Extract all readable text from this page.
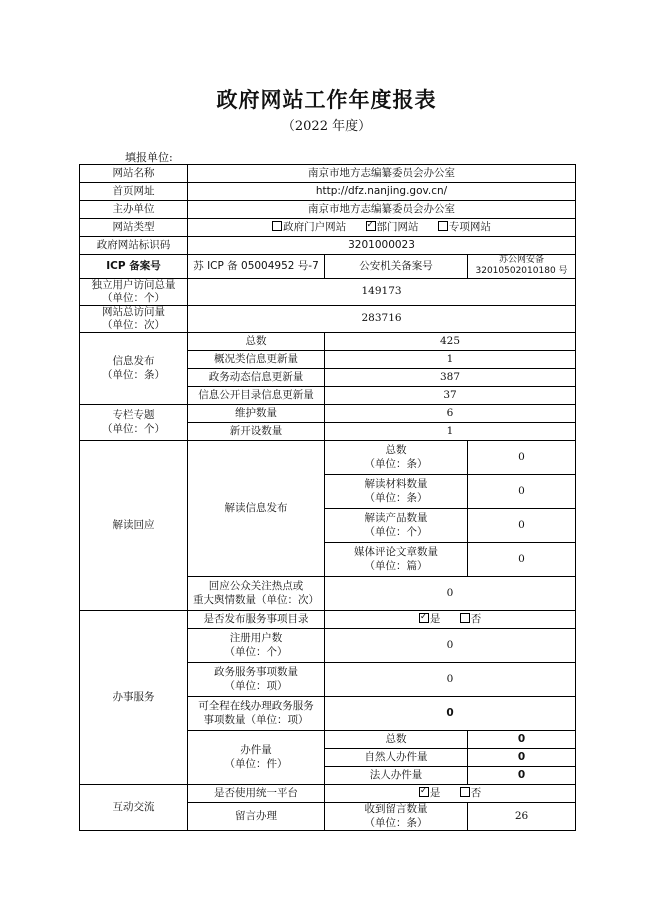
政府网站工作年度报表
（2022 年度）
填报单位:
网站名称	南京市地方志编纂委员会办公室		
首页网址	http://dfz.nanjing.gov.cn/		
主办单位	南京市地方志编纂委员会办公室		
网站类型	政府门户网站 ✓ 部门网站 专项网站
政府网站标识码	3201000023		
ICP 备案号	苏 ICP 备 05004952 号-7	公安机关备案号	苏公网安备 32010502010180 号

独立用户访问总量
（单位：个）	149173		

网站总访问量
（单位：次）	283716		

信息发布
（单位：条）	总数	425	
	概况类信息更新量	1	
	政务动态信息更新量	387	
	信息公开目录信息更新量	37	

专栏专题
（单位：个）	维护数量	6	
	新开设数量	1	
解读回应	解读信息发布	总数
（单位：条）	0

		解读材料数量
（单位：条）	0

		解读产品数量
（单位：个）	0

		媒体评论文章数量
（单位：篇）	0

	回应公众关注热点或
重大舆情数量（单位：次）	0	
办事服务	是否发布服务事项目录	✓是 否

	注册用户数
（单位：个）	0	

	政务服务事项数量
（单位：项）	0	

	可全程在线办理政务服务
事项数量（单位：项）	0	

	办件量
（单位：件）	总数	0
		自然人办件量	0
		法人办件量	0
互动交流	是否使用统一平台	✓是 否
	留言办理	收到留言数量
（单位：条）	26
